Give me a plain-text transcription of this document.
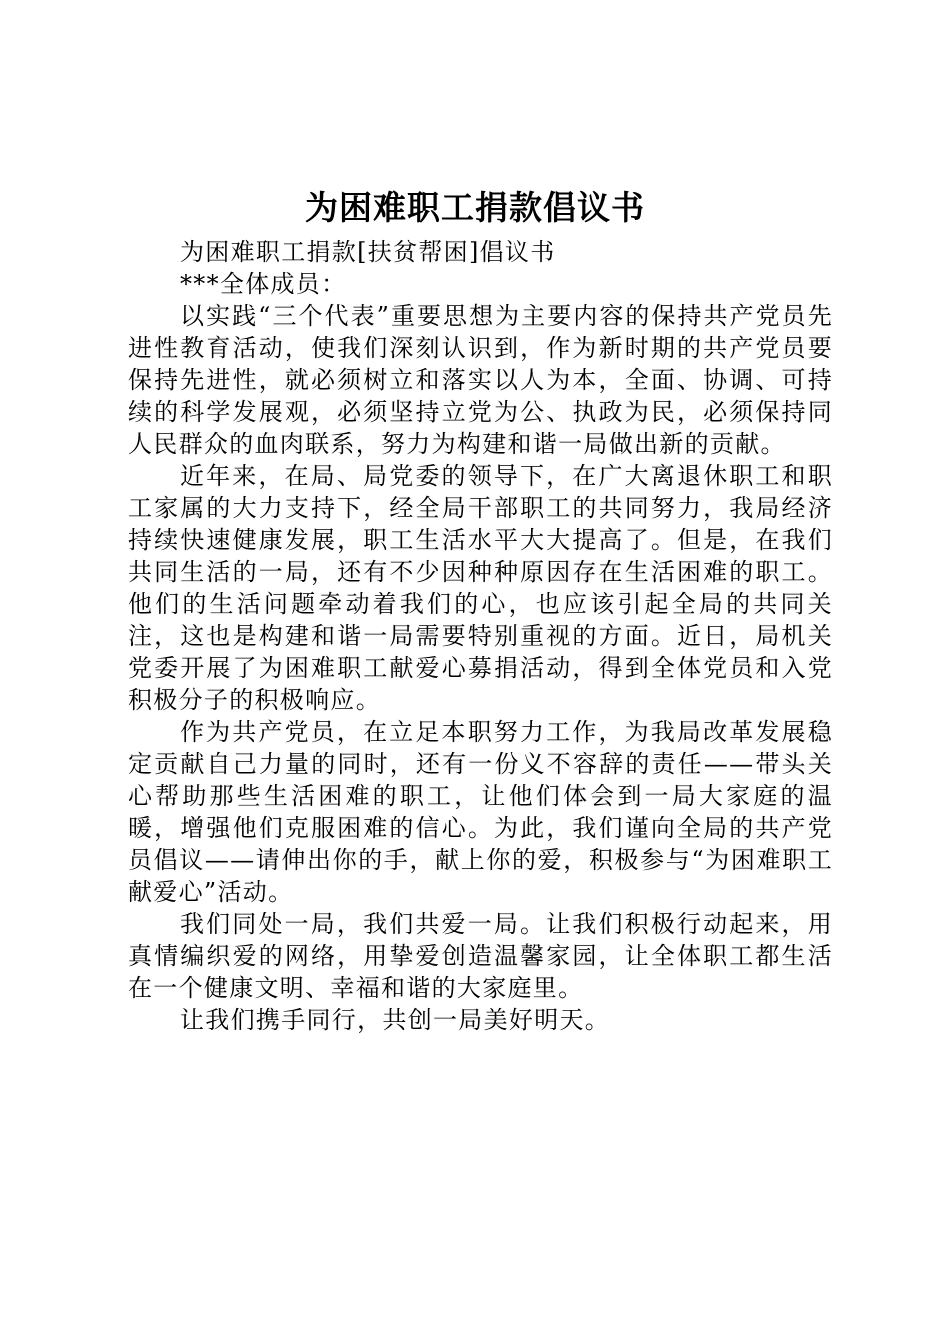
为困难职工捐款倡议书

为困难职工捐款[扶贫帮困]倡议书

***全体成员：

以实践“三个代表”重要思想为主要内容的保持共产党员先进性教育活动，使我们深刻认识到，作为新时期的共产党员要保持先进性，就必须树立和落实以人为本，全面、协调、可持续的科学发展观，必须坚持立党为公、执政为民，必须保持同人民群众的血肉联系，努力为构建和谐一局做出新的贡献。

近年来，在局、局党委的领导下，在广大离退休职工和职工家属的大力支持下，经全局干部职工的共同努力，我局经济持续快速健康发展，职工生活水平大大提高了。但是，在我们共同生活的一局，还有不少因种种原因存在生活困难的职工。他们的生活问题牵动着我们的心，也应该引起全局的共同关注，这也是构建和谐一局需要特别重视的方面。近日，局机关党委开展了为困难职工献爱心募捐活动，得到全体党员和入党积极分子的积极响应。

作为共产党员，在立足本职努力工作，为我局改革发展稳定贡献自己力量的同时，还有一份义不容辞的责任——带头关心帮助那些生活困难的职工，让他们体会到一局大家庭的温暖，增强他们克服困难的信心。为此，我们谨向全局的共产党员倡议——请伸出你的手，献上你的爱，积极参与“为困难职工献爱心”活动。

我们同处一局，我们共爱一局。让我们积极行动起来，用真情编织爱的网络，用挚爱创造温馨家园，让全体职工都生活在一个健康文明、幸福和谐的大家庭里。

让我们携手同行，共创一局美好明天。
